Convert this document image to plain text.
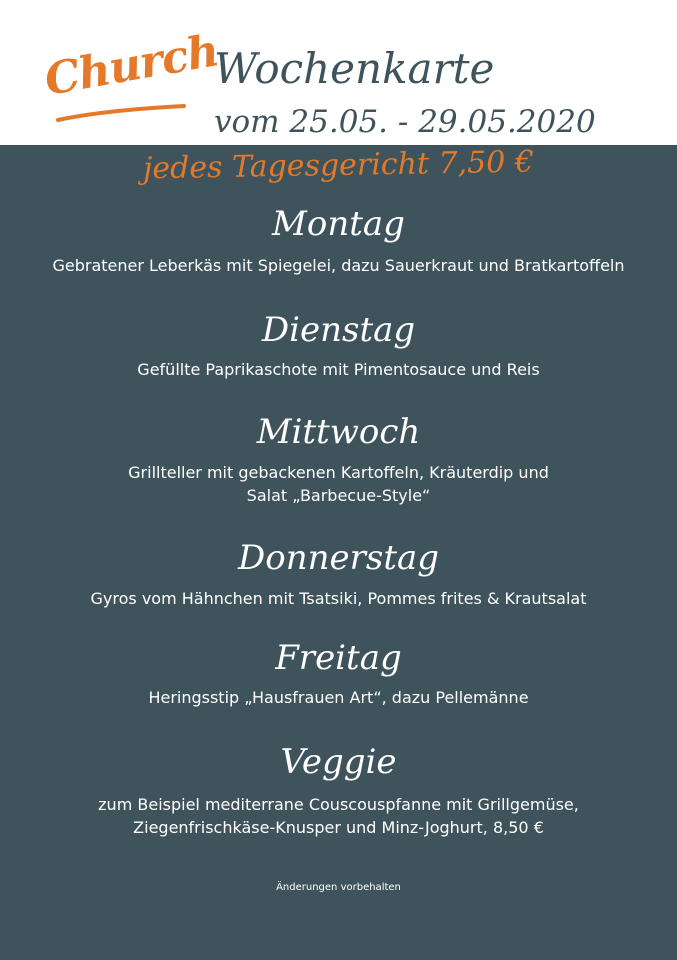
Church
Wochenkarte
vom 25.05. - 29.05.2020
jedes Tagesgericht 7,50 €
Montag
Gebratener Leberkäs mit Spiegelei, dazu Sauerkraut und Bratkartoffeln
Dienstag
Gefüllte Paprikaschote mit Pimentosauce und Reis
Mittwoch
Grillteller mit gebackenen Kartoffeln, Kräuterdip und
Salat „Barbecue-Style“
Donnerstag
Gyros vom Hähnchen mit Tsatsiki, Pommes frites & Krautsalat
Freitag
Heringsstip „Hausfrauen Art“, dazu Pellemänne
Veggie
zum Beispiel mediterrane Couscouspfanne mit Grillgemüse,
Ziegenfrischkäse-Knusper und Minz-Joghurt, 8,50 €
Änderungen vorbehalten
